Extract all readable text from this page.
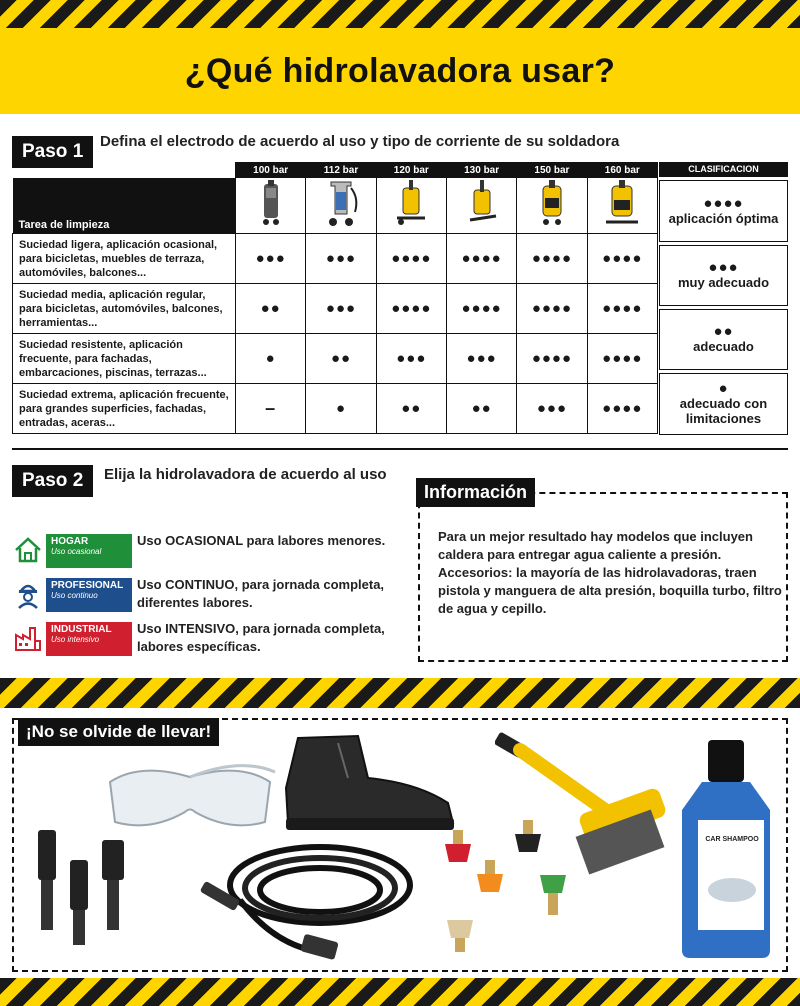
¿Qué hidrolavadora usar?
Paso 1	Defina el electrodo de acuerdo al uso y tipo de corriente de su soldadora
	100 bar	112 bar	120 bar	130 bar	150 bar	160 bar
Tarea de limpieza						
Suciedad ligera, aplicación ocasional, para bicicletas, muebles de terraza, automóviles, balcones...	●●●	●●●	●●●●	●●●●	●●●●	●●●●
Suciedad media, aplicación regular, para bicicletas, automóviles, balcones, herramientas...	●●	●●●	●●●●	●●●●	●●●●	●●●●
Suciedad resistente, aplicación frecuente, para fachadas, embarcaciones, piscinas, terrazas...	●	●●	●●●	●●●	●●●●	●●●●
Suciedad extrema, aplicación frecuente, para grandes superficies, fachadas, entradas, aceras...	–	●	●●	●●	●●●	●●●●
CLASIFICACION
●●●●
aplicación óptima
●●●
muy adecuado
●●
adecuado
●
adecuado con limitaciones
Paso 2	Elija la hidrolavadora de acuerdo al uso
HOGAR
Uso ocasional
Uso OCASIONAL para labores menores.
PROFESIONAL
Uso continuo
Uso CONTINUO, para jornada completa, diferentes labores.
INDUSTRIAL
Uso intensivo
Uso INTENSIVO, para jornada completa, labores específicas.
Información
Para un mejor resultado hay modelos que incluyen caldera para entregar agua caliente a presión.
Accesorios: la mayoría de las hidrolavadoras, traen pistola y manguera de alta presión, boquilla turbo, filtro de agua y cepillo.
¡No se olvide de llevar!
CAR SHAMPOO
CAR & BIKE
